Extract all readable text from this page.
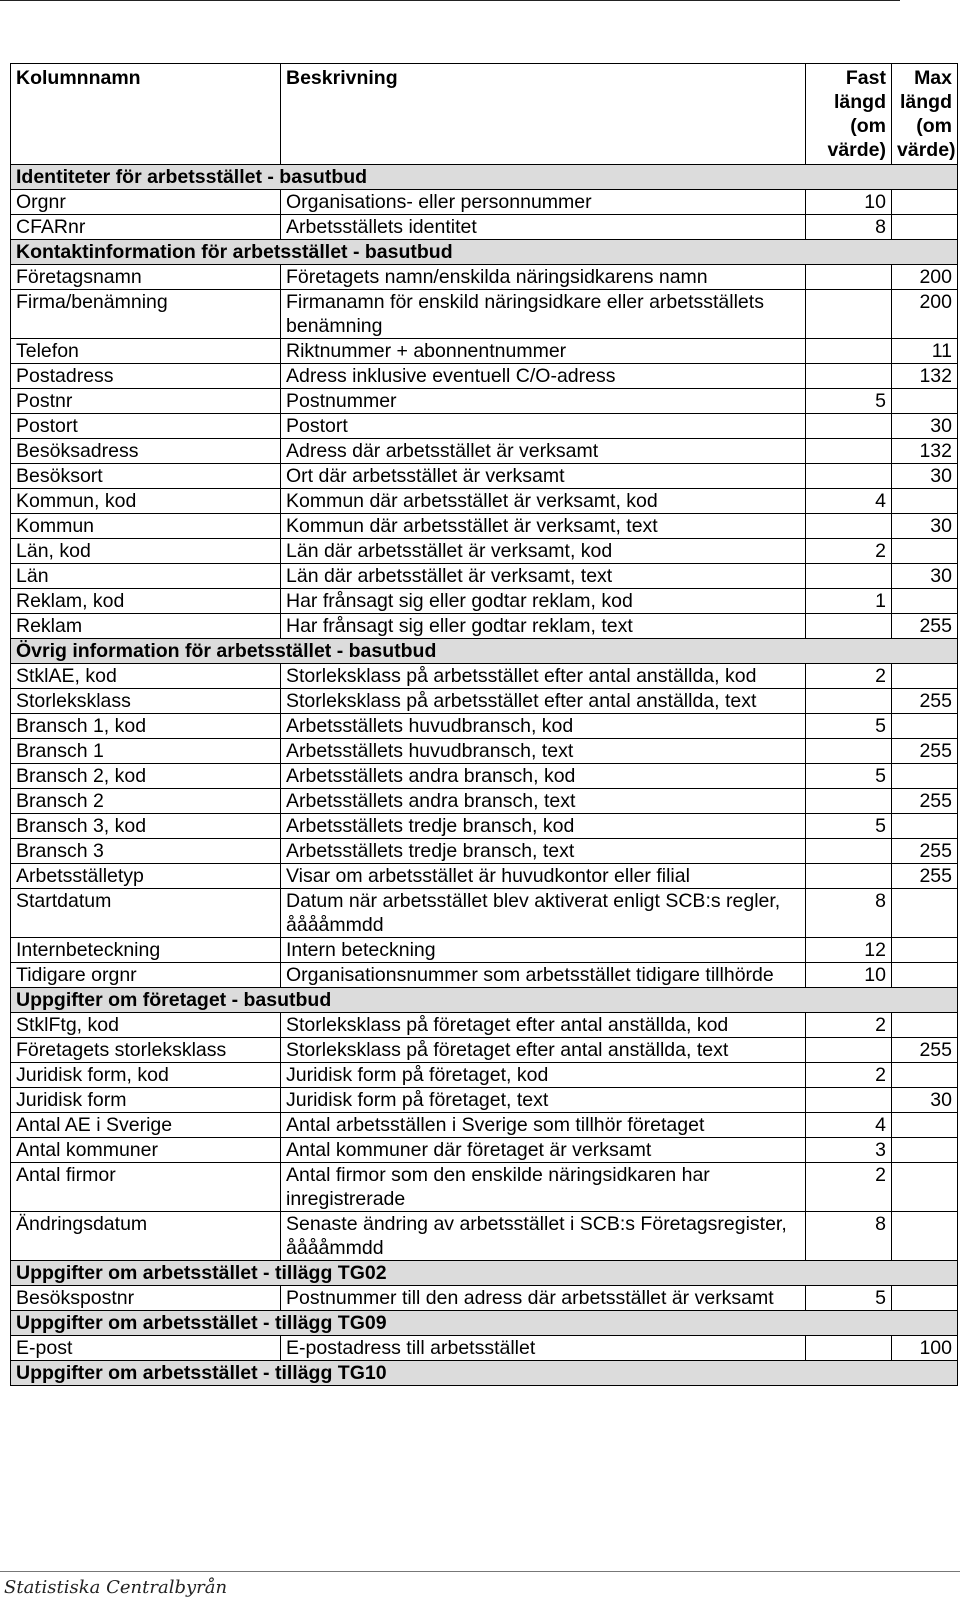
Kolumnnamn	Beskrivning	Fast
längd
(om
värde)	Max
längd
(om
värde)
Identiteter för arbetsstället - basutbud			
Orgnr	Organisations- eller personnummer	10	
CFARnr	Arbetsställets identitet	8	
Kontaktinformation för arbetsstället - basutbud			
Företagsnamn	Företagets namn/enskilda näringsidkarens namn		200
Firma/benämning	Firmanamn för enskild näringsidkare eller arbetsställets benämning		200
Telefon	Riktnummer + abonnentnummer		11
Postadress	Adress inklusive eventuell C/O-adress		132
Postnr	Postnummer	5	
Postort	Postort		30
Besöksadress	Adress där arbetsstället är verksamt		132
Besöksort	Ort där arbetsstället är verksamt		30
Kommun, kod	Kommun där arbetsstället är verksamt, kod	4	
Kommun	Kommun där arbetsstället är verksamt, text		30
Län, kod	Län där arbetsstället är verksamt, kod	2	
Län	Län där arbetsstället är verksamt, text		30
Reklam, kod	Har frånsagt sig eller godtar reklam, kod	1	
Reklam	Har frånsagt sig eller godtar reklam, text		255
Övrig information för arbetsstället - basutbud			
StklAE, kod	Storleksklass på arbetsstället efter antal anställda, kod	2	
Storleksklass	Storleksklass på arbetsstället efter antal anställda, text		255
Bransch 1, kod	Arbetsställets huvudbransch, kod	5	
Bransch 1	Arbetsställets huvudbransch, text		255
Bransch 2, kod	Arbetsställets andra bransch, kod	5	
Bransch 2	Arbetsställets andra bransch, text		255
Bransch 3, kod	Arbetsställets tredje bransch, kod	5	
Bransch 3	Arbetsställets tredje bransch, text		255
Arbetsställetyp	Visar om arbetsstället är huvudkontor eller filial		255
Startdatum	Datum när arbetsstället blev aktiverat enligt SCB:s regler, ååååmmdd	8	
Internbeteckning	Intern beteckning	12	
Tidigare orgnr	Organisationsnummer som arbetsstället tidigare tillhörde	10	
Uppgifter om företaget - basutbud			
StklFtg, kod	Storleksklass på företaget efter antal anställda, kod	2	
Företagets storleksklass	Storleksklass på företaget efter antal anställda, text		255
Juridisk form, kod	Juridisk form på företaget, kod	2	
Juridisk form	Juridisk form på företaget, text		30
Antal AE i Sverige	Antal arbetsställen i Sverige som tillhör företaget	4	
Antal kommuner	Antal kommuner där företaget är verksamt	3	
Antal firmor	Antal firmor som den enskilde näringsidkaren har inregistrerade	2	
Ändringsdatum	Senaste ändring av arbetsstället i SCB:s Företagsregister, ååååmmdd	8	
Uppgifter om arbetsstället - tillägg TG02			
Besökspostnr	Postnummer till den adress där arbetsstället är verksamt	5	
Uppgifter om arbetsstället - tillägg TG09			
E-post	E-postadress till arbetsstället		100
Uppgifter om arbetsstället - tillägg TG10			
Statistiska Centralbyrån
